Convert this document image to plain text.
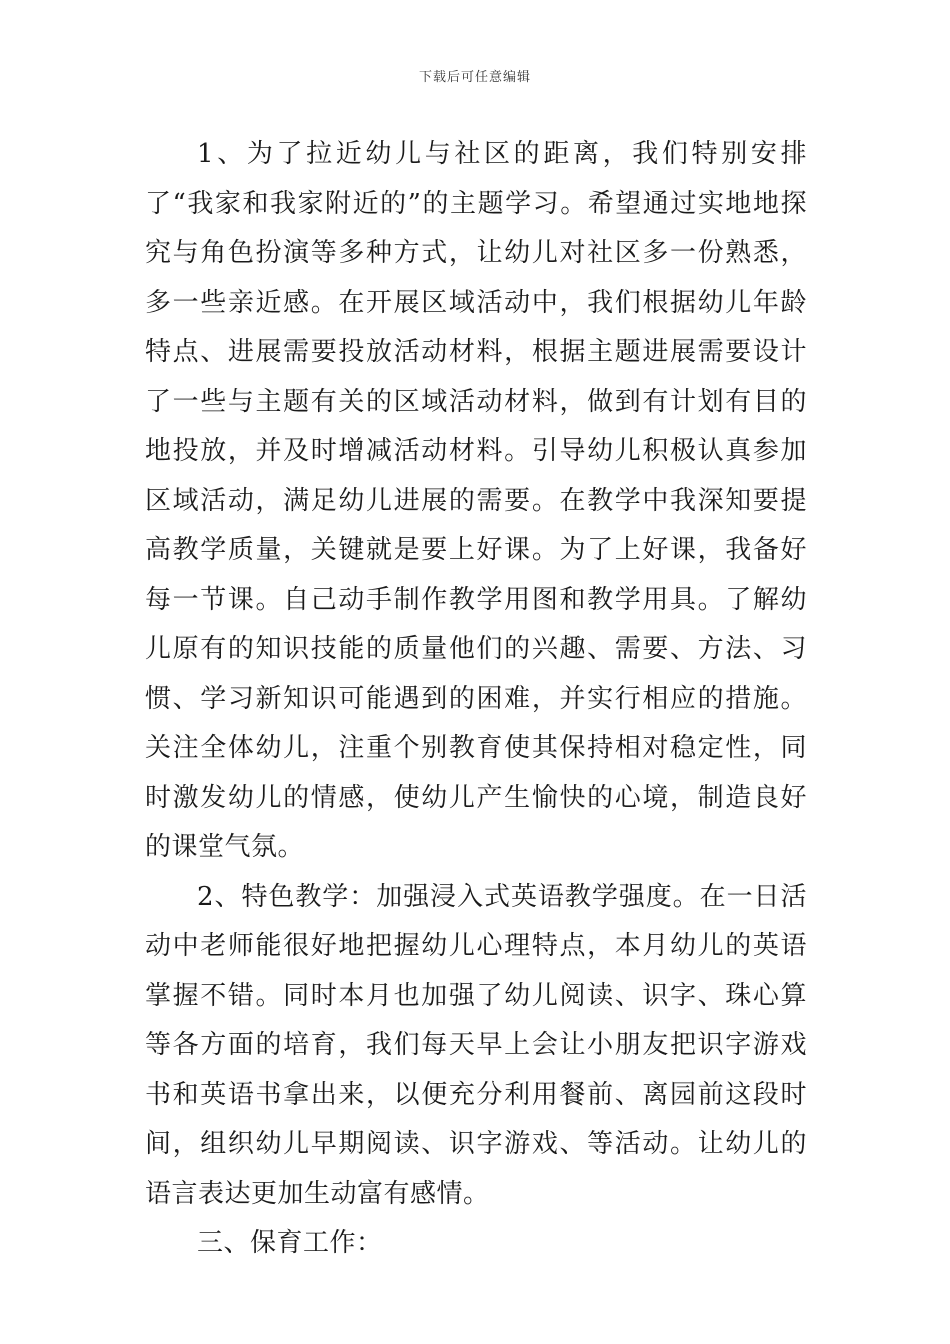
下载后可任意编辑

1、为了拉近幼儿与社区的距离，我们特别安排了“我家和我家附近的”的主题学习。希望通过实地地探究与角色扮演等多种方式，让幼儿对社区多一份熟悉，多一些亲近感。在开展区域活动中，我们根据幼儿年龄特点、进展需要投放活动材料，根据主题进展需要设计了一些与主题有关的区域活动材料，做到有计划有目的地投放，并及时增减活动材料。引导幼儿积极认真参加区域活动，满足幼儿进展的需要。在教学中我深知要提高教学质量，关键就是要上好课。为了上好课，我备好每一节课。自己动手制作教学用图和教学用具。了解幼儿原有的知识技能的质量他们的兴趣、需要、方法、习惯、学习新知识可能遇到的困难，并实行相应的措施。关注全体幼儿，注重个别教育使其保持相对稳定性，同时激发幼儿的情感，使幼儿产生愉快的心境，制造良好的课堂气氛。

2、特色教学：加强浸入式英语教学强度。在一日活动中老师能很好地把握幼儿心理特点，本月幼儿的英语掌握不错。同时本月也加强了幼儿阅读、识字、珠心算等各方面的培育，我们每天早上会让小朋友把识字游戏书和英语书拿出来，以便充分利用餐前、离园前这段时间，组织幼儿早期阅读、识字游戏、等活动。让幼儿的语言表达更加生动富有感情。

三、保育工作：
